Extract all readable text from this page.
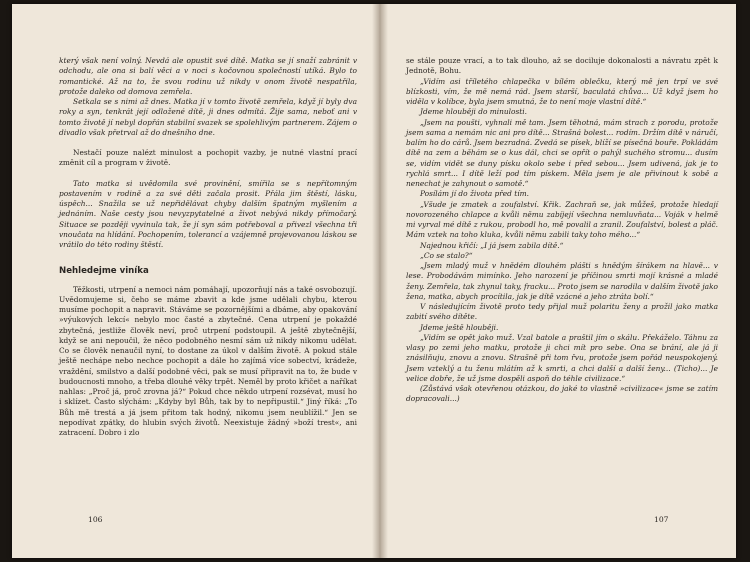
který však není volný. Nevdá ale opustit své dítě. Matka se jí snaží zabránit v odchodu, ale ona si balí věci a v noci s kočovnou společností utíká. Bylo to romantické. Až na to, že svou rodinu už nikdy v onom životě nespatřila, protože daleko od domova zemřela.

Setkala se s nimi až dnes. Matka jí v tomto životě zemřela, když jí byly dva roky a syn, tenkrát její odložené dítě, ji dnes odmítá. Žije sama, neboť ani v tomto životě jí nebyl dopřán stabilní svazek se spolehlivým partnerem. Zájem o divadlo však přetrval až do dnešního dne.

Nestačí pouze nalézt minulost a pochopit vazby, je nutné vlastní prací změnit cíl a program v životě.

Tato matka si uvědomila své provinění, smířila se s nepřítomným postavením v rodině a za své děti začala prosit. Přála jim štěstí, lásku, úspěch... Snažila se už nepřidělávat chyby dalším špatným myšlením a jednáním. Naše cesty jsou nevyzpytatelné a život nebývá nikdy přímočarý. Situace se později vyvinula tak, že jí syn sám potřeboval a přivezl všechna tři vnoučata na hlídání. Pochopením, tolerancí a vzájemně projevovanou láskou se vrátilo do této rodiny štěstí.

Nehledejme viníka

Těžkosti, utrpení a nemoci nám pomáhají, upozorňují nás a také osvobozují. Uvědomujeme si, čeho se máme zbavit a kde jsme udělali chybu, kterou musíme pochopit a napravit. Stáváme se pozornějšími a dbáme, aby opakování »výukových lekcí« nebylo moc časté a zbytečné. Cena utrpení je pokaždé zbytečná, jestliže člověk neví, proč utrpení podstoupil. A ještě zbytečnější, když se ani nepoučil, že něco podobného nesmí sám už nikdy nikomu udělat. Co se člověk nenaučil nyní, to dostane za úkol v dalším životě. A pokud stále ještě nechápe nebo nechce pochopit a dále ho zajímá více sobectví, krádeže, vraždění, smilstvo a další podobné věci, pak se musí připravit na to, že bude v budoucnosti mnoho, a třeba dlouhé věky trpět. Neměl by proto křičet a naříkat nahlas: „Proč já, proč zrovna já?“ Pokud chce někdo utrpení rozsévat, musí ho i sklízet. Často slýchám: „Kdyby byl Bůh, tak by to nepřipustil.“ Jiný říká: „To Bůh mě trestá a já jsem přitom tak hodný, nikomu jsem neublížil.“ Jen se nepodívat zpátky, do hlubin svých životů. Neexistuje žádný »boží trest«, ani zatracení. Dobro i zlo

106

se stále pouze vrací, a to tak dlouho, až se dociluje dokonalosti a návratu zpět k Jednotě, Bohu.

„Vidím asi tříletého chlapečka v bílém oblečku, který mě jen trpí ve své blízkosti, vím, že mě nemá rád. Jsem starší, baculatá chůva... Už když jsem ho viděla v kolíbce, byla jsem smutná, že to není moje vlastní dítě.“

Jdeme hlouběji do minulosti.

„Jsem na poušti, vyhnali mě tam. Jsem těhotná, mám strach z porodu, protože jsem sama a nemám nic ani pro dítě... Strašná bolest... rodím. Držím dítě v náručí, balím ho do cárů. Jsem bezradná. Zvedá se písek, blíží se písečná bouře. Pokládám dítě na zem a běhám se o kus dál, chci se opřít o pahýl suchého stromu... dusím se, vidím vidět se duny písku okolo sebe i před sebou... Jsem udivená, jak je to rychlá smrt... I dítě leží pod tím pískem. Měla jsem je ale přivinout k sobě a nenechat je zahynout o samotě.“

Posílám jí do života před tím.

„Všude je zmatek a zoufalství. Křik. Zachraň se, jak můžeš, protože hledají novorozeného chlapce a kvůli němu zabíjejí všechna nemluvňata... Voják v helmě mi vyrval mé dítě z rukou, probodl ho, mě povalil a zranil. Zoufalství, bolest a pláč. Mám vztek na toho kluka, kvůli němu zabili taky toho mého...“

Najednou křičí: „I já jsem zabila dítě.“

„Co se stalo?“

„Jsem mladý muž v hnědém dlouhém plášti s hnědým šírákem na hlavě... v lese. Probodávám mimínko. Jeho narození je příčinou smrti mojí krásné a mladé ženy. Zemřela, tak zhynul taky, fracku... Proto jsem se narodila v dalším životě jako žena, matka, abych procítila, jak je dítě vzácné a jeho ztráta bolí.“

V následujícím životě proto tedy přijal muž polaritu ženy a prožil jako matka zabití svého dítěte.

Jdeme ještě hlouběji.

„Vidím se opět jako muž. Vzal batole a praštil jím o skálu. Překáželo. Táhnu za vlasy po zemi jeho matku, protože ji chci mít pro sebe. Ona se brání, ale já ji znásilňuju, znovu a znovu. Strašně při tom řvu, protože jsem pořád neuspokojený. Jsem vzteklý a tu ženu mlátím až k smrti, a chci další a další ženy... (Ticho)... Je velice dobře, že už jsme dospěli aspoň do téhle civilizace.“

(Zůstává však otevřenou otázkou, do jaké to vlastně »civilizace« jsme se zatím dopracovali...)

107
